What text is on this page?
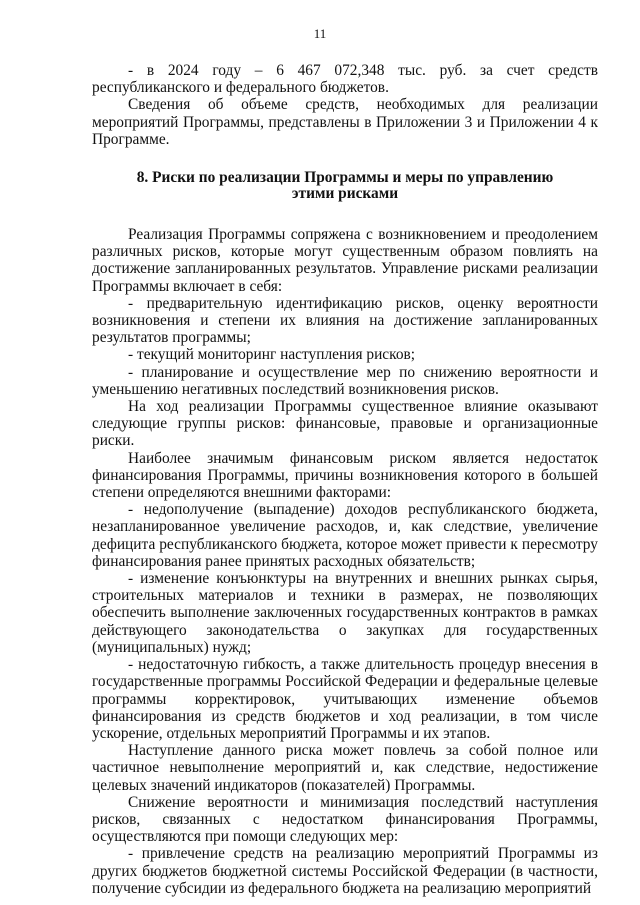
11

- в 2024 году – 6 467 072,348 тыс. руб. за счет средств республиканского и федерального бюджетов.

Сведения об объеме средств, необходимых для реализации мероприятий Программы, представлены в Приложении 3 и Приложении 4 к Программе.

8. Риски по реализации Программы и меры по управлению
этими рисками

Реализация Программы сопряжена с возникновением и преодолением различных рисков, которые могут существенным образом повлиять на достижение запланированных результатов. Управление рисками реализации Программы включает в себя:

- предварительную идентификацию рисков, оценку вероятности возникновения и степени их влияния на достижение запланированных результатов программы;

- текущий мониторинг наступления рисков;

- планирование и осуществление мер по снижению вероятности и уменьшению негативных последствий возникновения рисков.

На ход реализации Программы существенное влияние оказывают следующие группы рисков: финансовые, правовые и организационные риски.

Наиболее значимым финансовым риском является недостаток финансирования Программы, причины возникновения которого в большей степени определяются внешними факторами:

- недополучение (выпадение) доходов республиканского бюджета, незапланированное увеличение расходов, и, как следствие, увеличение дефицита республиканского бюджета, которое может привести к пересмотру финансирования ранее принятых расходных обязательств;

- изменение конъюнктуры на внутренних и внешних рынках сырья, строительных материалов и техники в размерах, не позволяющих обеспечить выполнение заключенных государственных контрактов в рамках действующего законодательства о закупках для государственных (муниципальных) нужд;

- недостаточную гибкость, а также длительность процедур внесения в государственные программы Российской Федерации и федеральные целевые программы корректировок, учитывающих изменение объемов финансирования из средств бюджетов и ход реализации, в том числе ускорение, отдельных мероприятий Программы и их этапов.

Наступление данного риска может повлечь за собой полное или частичное невыполнение мероприятий и, как следствие, недостижение целевых значений индикаторов (показателей) Программы.

Снижение вероятности и минимизация последствий наступления рисков, связанных с недостатком финансирования Программы, осуществляются при помощи следующих мер:

- привлечение средств на реализацию мероприятий Программы из других бюджетов бюджетной системы Российской Федерации (в частности, получение субсидии из федерального бюджета на реализацию мероприятий
